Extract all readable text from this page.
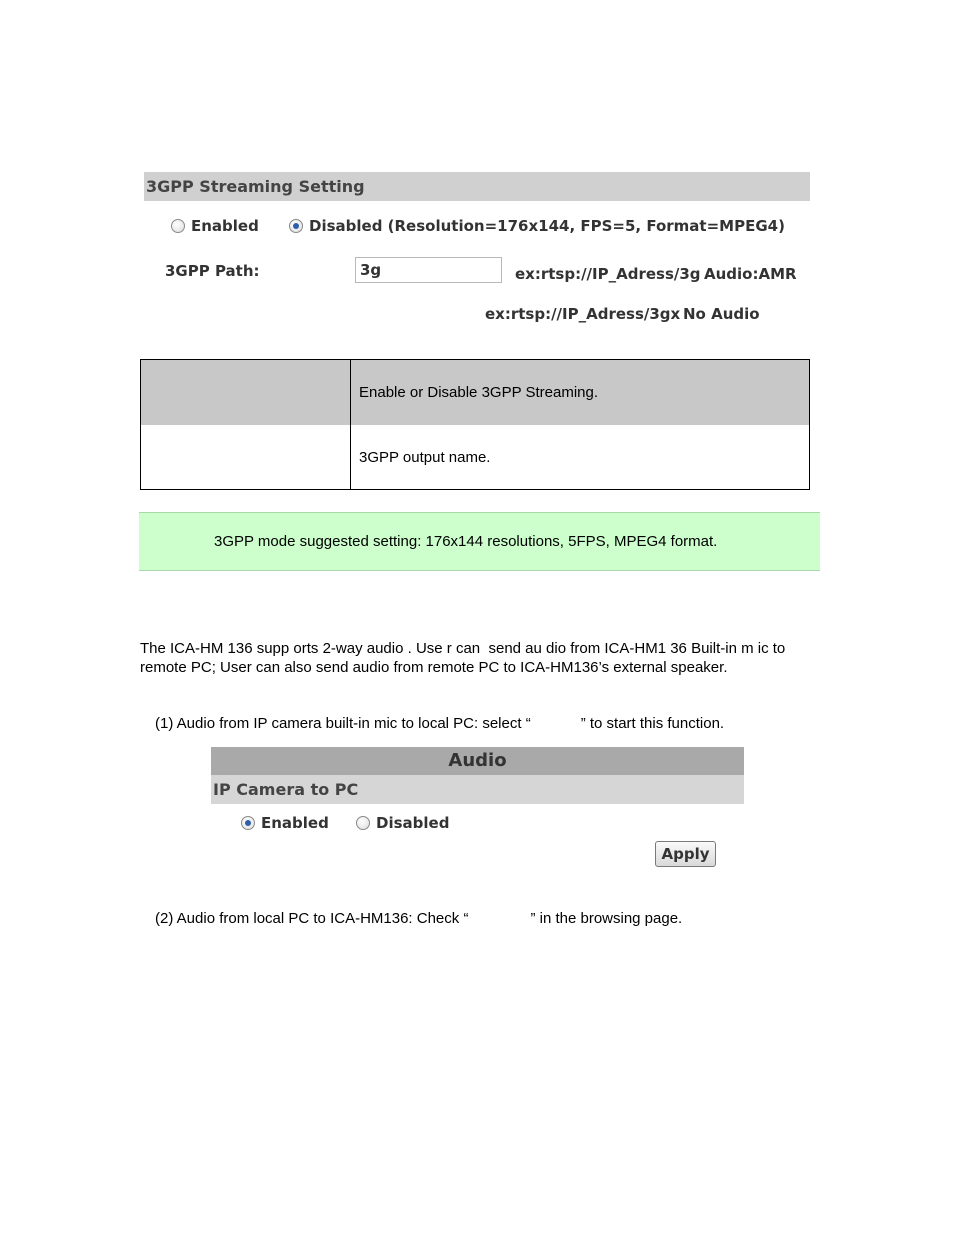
3GPP Streaming Setting
Enabled	Disabled (Resolution=176x144, FPS=5, Format=MPEG4)
3GPP Path:	3g	ex:rtsp://IP_Adress/3g Audio:AMR
ex:rtsp://IP_Adress/3gx No Audio
Enable or Disable 3GPP Streaming.
3GPP output name.
3GPP mode suggested setting: 176x144 resolutions, 5FPS, MPEG4 format.
The ICA-HM 136 supp orts 2-way audio . Use r can  send au dio from ICA-HM1 36 Built-in m ic to
remote PC; User can also send audio from remote PC to ICA-HM136’s external speaker.
(1) Audio from IP camera built-in mic to local PC: select “	” to start this function.
Audio
IP Camera to PC
Enabled	Disabled
Apply
(2) Audio from local PC to ICA-HM136: Check “	” in the browsing page.
